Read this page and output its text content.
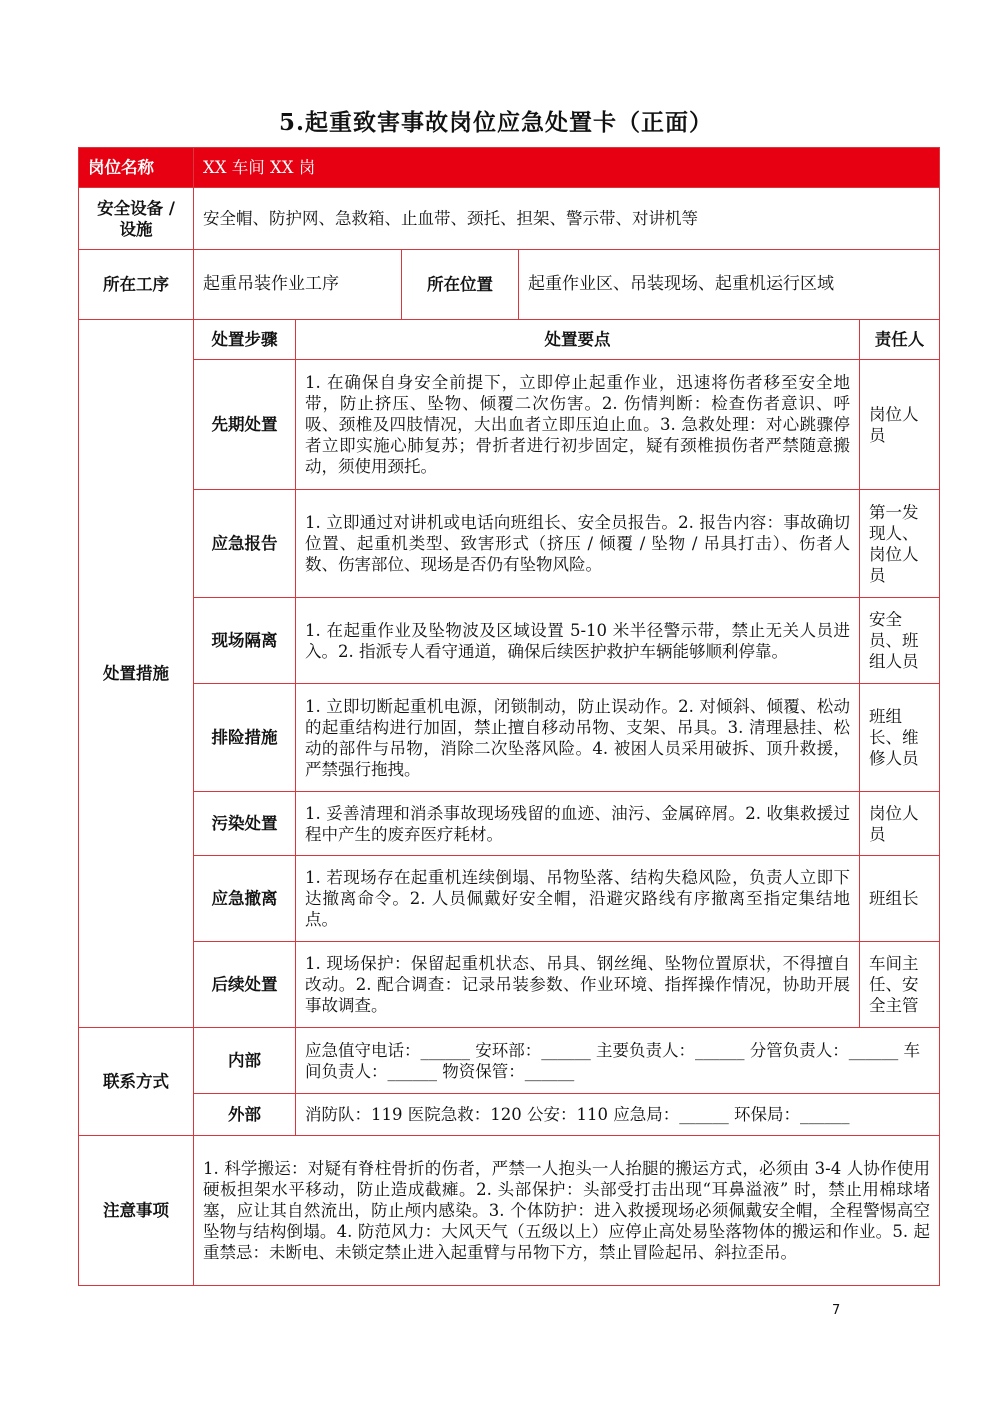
5.起重致害事故岗位应急处置卡（正面）
岗位名称	XX 车间 XX 岗				
安全设备 / 设施	安全帽、防护网、急救箱、止血带、颈托、担架、警示带、对讲机等				
所在工序	起重吊装作业工序		所在位置	起重作业区、吊装现场、起重机运行区域	
处置措施	处置步骤	处置要点			责任人
	先期处置	1. 在确保自身安全前提下，立即停止起重作业，迅速将伤者移至安全地带，防止挤压、坠物、倾覆二次伤害。2. 伤情判断：检查伤者意识、呼吸、颈椎及四肢情况，大出血者立即压迫止血。3. 急救处理：对心跳骤停者立即实施心肺复苏；骨折者进行初步固定，疑有颈椎损伤者严禁随意搬动，须使用颈托。			岗位人员
	应急报告	1. 立即通过对讲机或电话向班组长、安全员报告。2. 报告内容：事故确切位置、起重机类型、致害形式（挤压 / 倾覆 / 坠物 / 吊具打击）、伤者人数、伤害部位、现场是否仍有坠物风险。			第一发现人、岗位人员
	现场隔离	1. 在起重作业及坠物波及区域设置 5-10 米半径警示带，禁止无关人员进入。2. 指派专人看守通道，确保后续医护救护车辆能够顺利停靠。			安全员、班组人员
	排险措施	1. 立即切断起重机电源，闭锁制动，防止误动作。2. 对倾斜、倾覆、松动的起重结构进行加固，禁止擅自移动吊物、支架、吊具。3. 清理悬挂、松动的部件与吊物，消除二次坠落风险。4. 被困人员采用破拆、顶升救援，严禁强行拖拽。			班组长、维修人员
	污染处置	1. 妥善清理和消杀事故现场残留的血迹、油污、金属碎屑。2. 收集救援过程中产生的废弃医疗耗材。			岗位人员
	应急撤离	1. 若现场存在起重机连续倒塌、吊物坠落、结构失稳风险，负责人立即下达撤离命令。2. 人员佩戴好安全帽，沿避灾路线有序撤离至指定集结地点。			班组长
	后续处置	1. 现场保护：保留起重机状态、吊具、钢丝绳、坠物位置原状，不得擅自改动。2. 配合调查：记录吊装参数、作业环境、指挥操作情况，协助开展事故调查。			车间主任、安全主管
联系方式	内部	应急值守电话：______ 安环部：______ 主要负责人：______ 分管负责人：______ 车间负责人：______ 物资保管：______			
	外部	消防队：119 医院急救：120 公安：110 应急局：______ 环保局：______			
注意事项	1. 科学搬运：对疑有脊柱骨折的伤者，严禁一人抱头一人抬腿的搬运方式，必须由 3-4 人协作使用硬板担架水平移动，防止造成截瘫。2. 头部保护：头部受打击出现“耳鼻溢液” 时，禁止用棉球堵塞，应让其自然流出，防止颅内感染。3. 个体防护：进入救援现场必须佩戴安全帽，全程警惕高空坠物与结构倒塌。4. 防范风力：大风天气（五级以上）应停止高处易坠落物体的搬运和作业。5. 起重禁忌：未断电、未锁定禁止进入起重臂与吊物下方，禁止冒险起吊、斜拉歪吊。				
7
